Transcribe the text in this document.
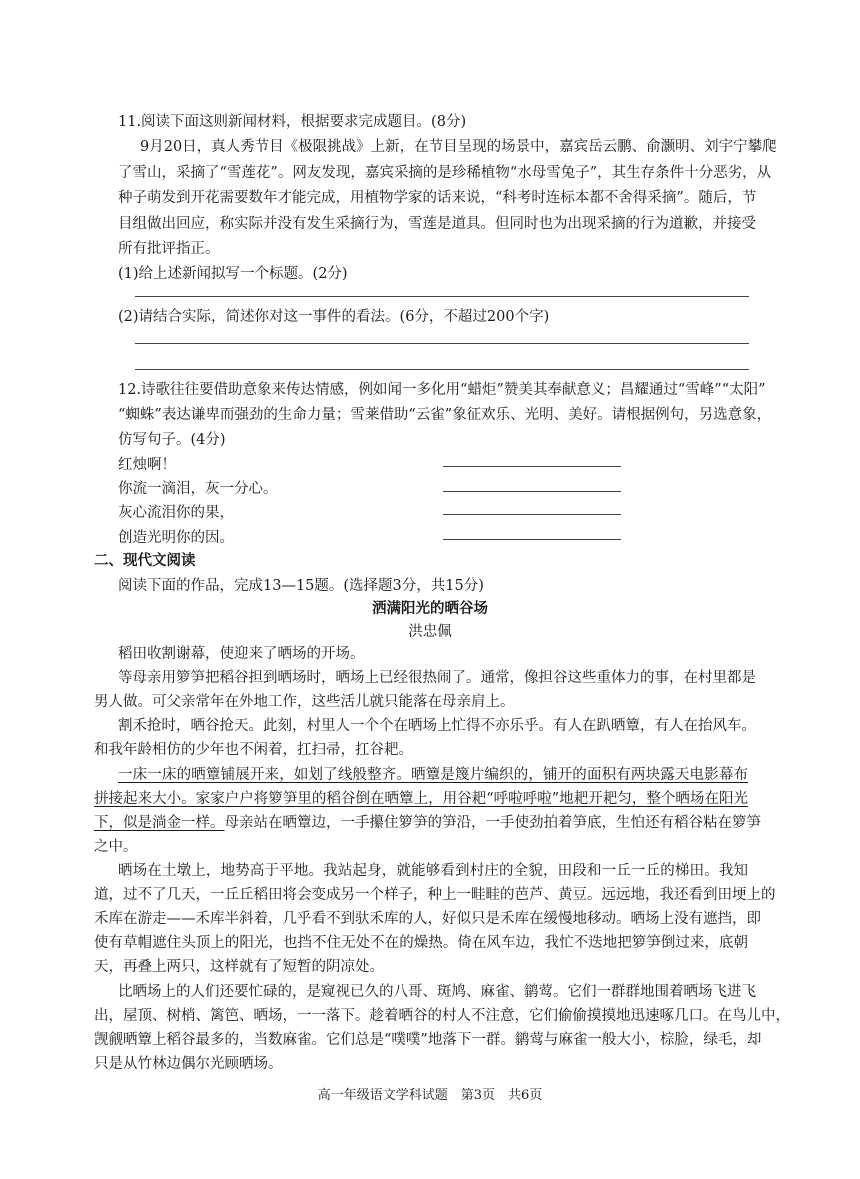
11.阅读下面这则新闻材料，根据要求完成题目。(8分)
9月20日，真人秀节目《极限挑战》上新，在节目呈现的场景中，嘉宾岳云鹏、俞灏明、刘宇宁攀爬
了雪山，采摘了“雪莲花”。网友发现，嘉宾采摘的是珍稀植物“水母雪兔子”，其生存条件十分恶劣，从
种子萌发到开花需要数年才能完成，用植物学家的话来说，“科考时连标本都不舍得采摘”。随后，节
目组做出回应，称实际并没有发生采摘行为，雪莲是道具。但同时也为出现采摘的行为道歉，并接受
所有批评指正。
(1)给上述新闻拟写一个标题。(2分)
(2)请结合实际，简述你对这一事件的看法。(6分，不超过200个字)
12.诗歌往往要借助意象来传达情感，例如闻一多化用“蜡炬”赞美其奉献意义；昌耀通过“雪峰”“太阳”
“蜘蛛”表达谦卑而强劲的生命力量；雪莱借助“云雀”象征欢乐、光明、美好。请根据例句，另选意象，
仿写句子。(4分)
红烛啊！
你流一滴泪，灰一分心。
灰心流泪你的果，
创造光明你的因。
二、现代文阅读
阅读下面的作品，完成13—15题。(选择题3分，共15分)
洒满阳光的晒谷场
洪忠佩
稻田收割谢幕，使迎来了晒场的开场。
等母亲用箩笋把稻谷担到晒场时，晒场上已经很热闹了。通常，像担谷这些重体力的事，在村里都是
男人做。可父亲常年在外地工作，这些活儿就只能落在母亲肩上。
割禾抢时，晒谷抢天。此刻，村里人一个个在晒场上忙得不亦乐乎。有人在趴晒簟，有人在抬风车。
和我年龄相仿的少年也不闲着，扛扫帚，扛谷耙。
一床一床的晒簟铺展开来，如划了线般整齐。晒簟是篾片编织的，铺开的面积有两块露天电影幕布
拼接起来大小。家家户户将箩笋里的稻谷倒在晒簟上，用谷耙“呼啦呼啦”地耙开耙匀，整个晒场在阳光
下，似是淌金一样。 母亲站在晒簟边，一手攥住箩笋的笋沿，一手使劲拍着笋底，生怕还有稻谷粘在箩笋
之中。
晒场在土墩上，地势高于平地。我站起身，就能够看到村庄的全貌，田段和一丘一丘的梯田。我知
道，过不了几天，一丘丘稻田将会变成另一个样子，种上一畦畦的芭芦、黄豆。远远地，我还看到田埂上的
禾库在游走——禾库半斜着，几乎看不到驮禾库的人，好似只是禾库在缓慢地移动。晒场上没有遮挡，即
使有草帽遮住头顶上的阳光，也挡不住无处不在的燥热。倚在风车边，我忙不迭地把箩笋倒过来，底朝
天，再叠上两只，这样就有了短暂的阴凉处。
比晒场上的人们还要忙碌的，是窥视已久的八哥、斑鸠、麻雀、鹟莺。它们一群群地围着晒场飞进飞
出，屋顶、树梢、篱笆、晒场，一一落下。趁着晒谷的村人不注意，它们偷偷摸摸地迅速啄几口。在鸟儿中，
觊觎晒簟上稻谷最多的，当数麻雀。它们总是“噗噗”地落下一群。鹟莺与麻雀一般大小，棕脸，绿毛，却
只是从竹林边偶尔光顾晒场。
高一年级语文学科试题　第3页　共6页
